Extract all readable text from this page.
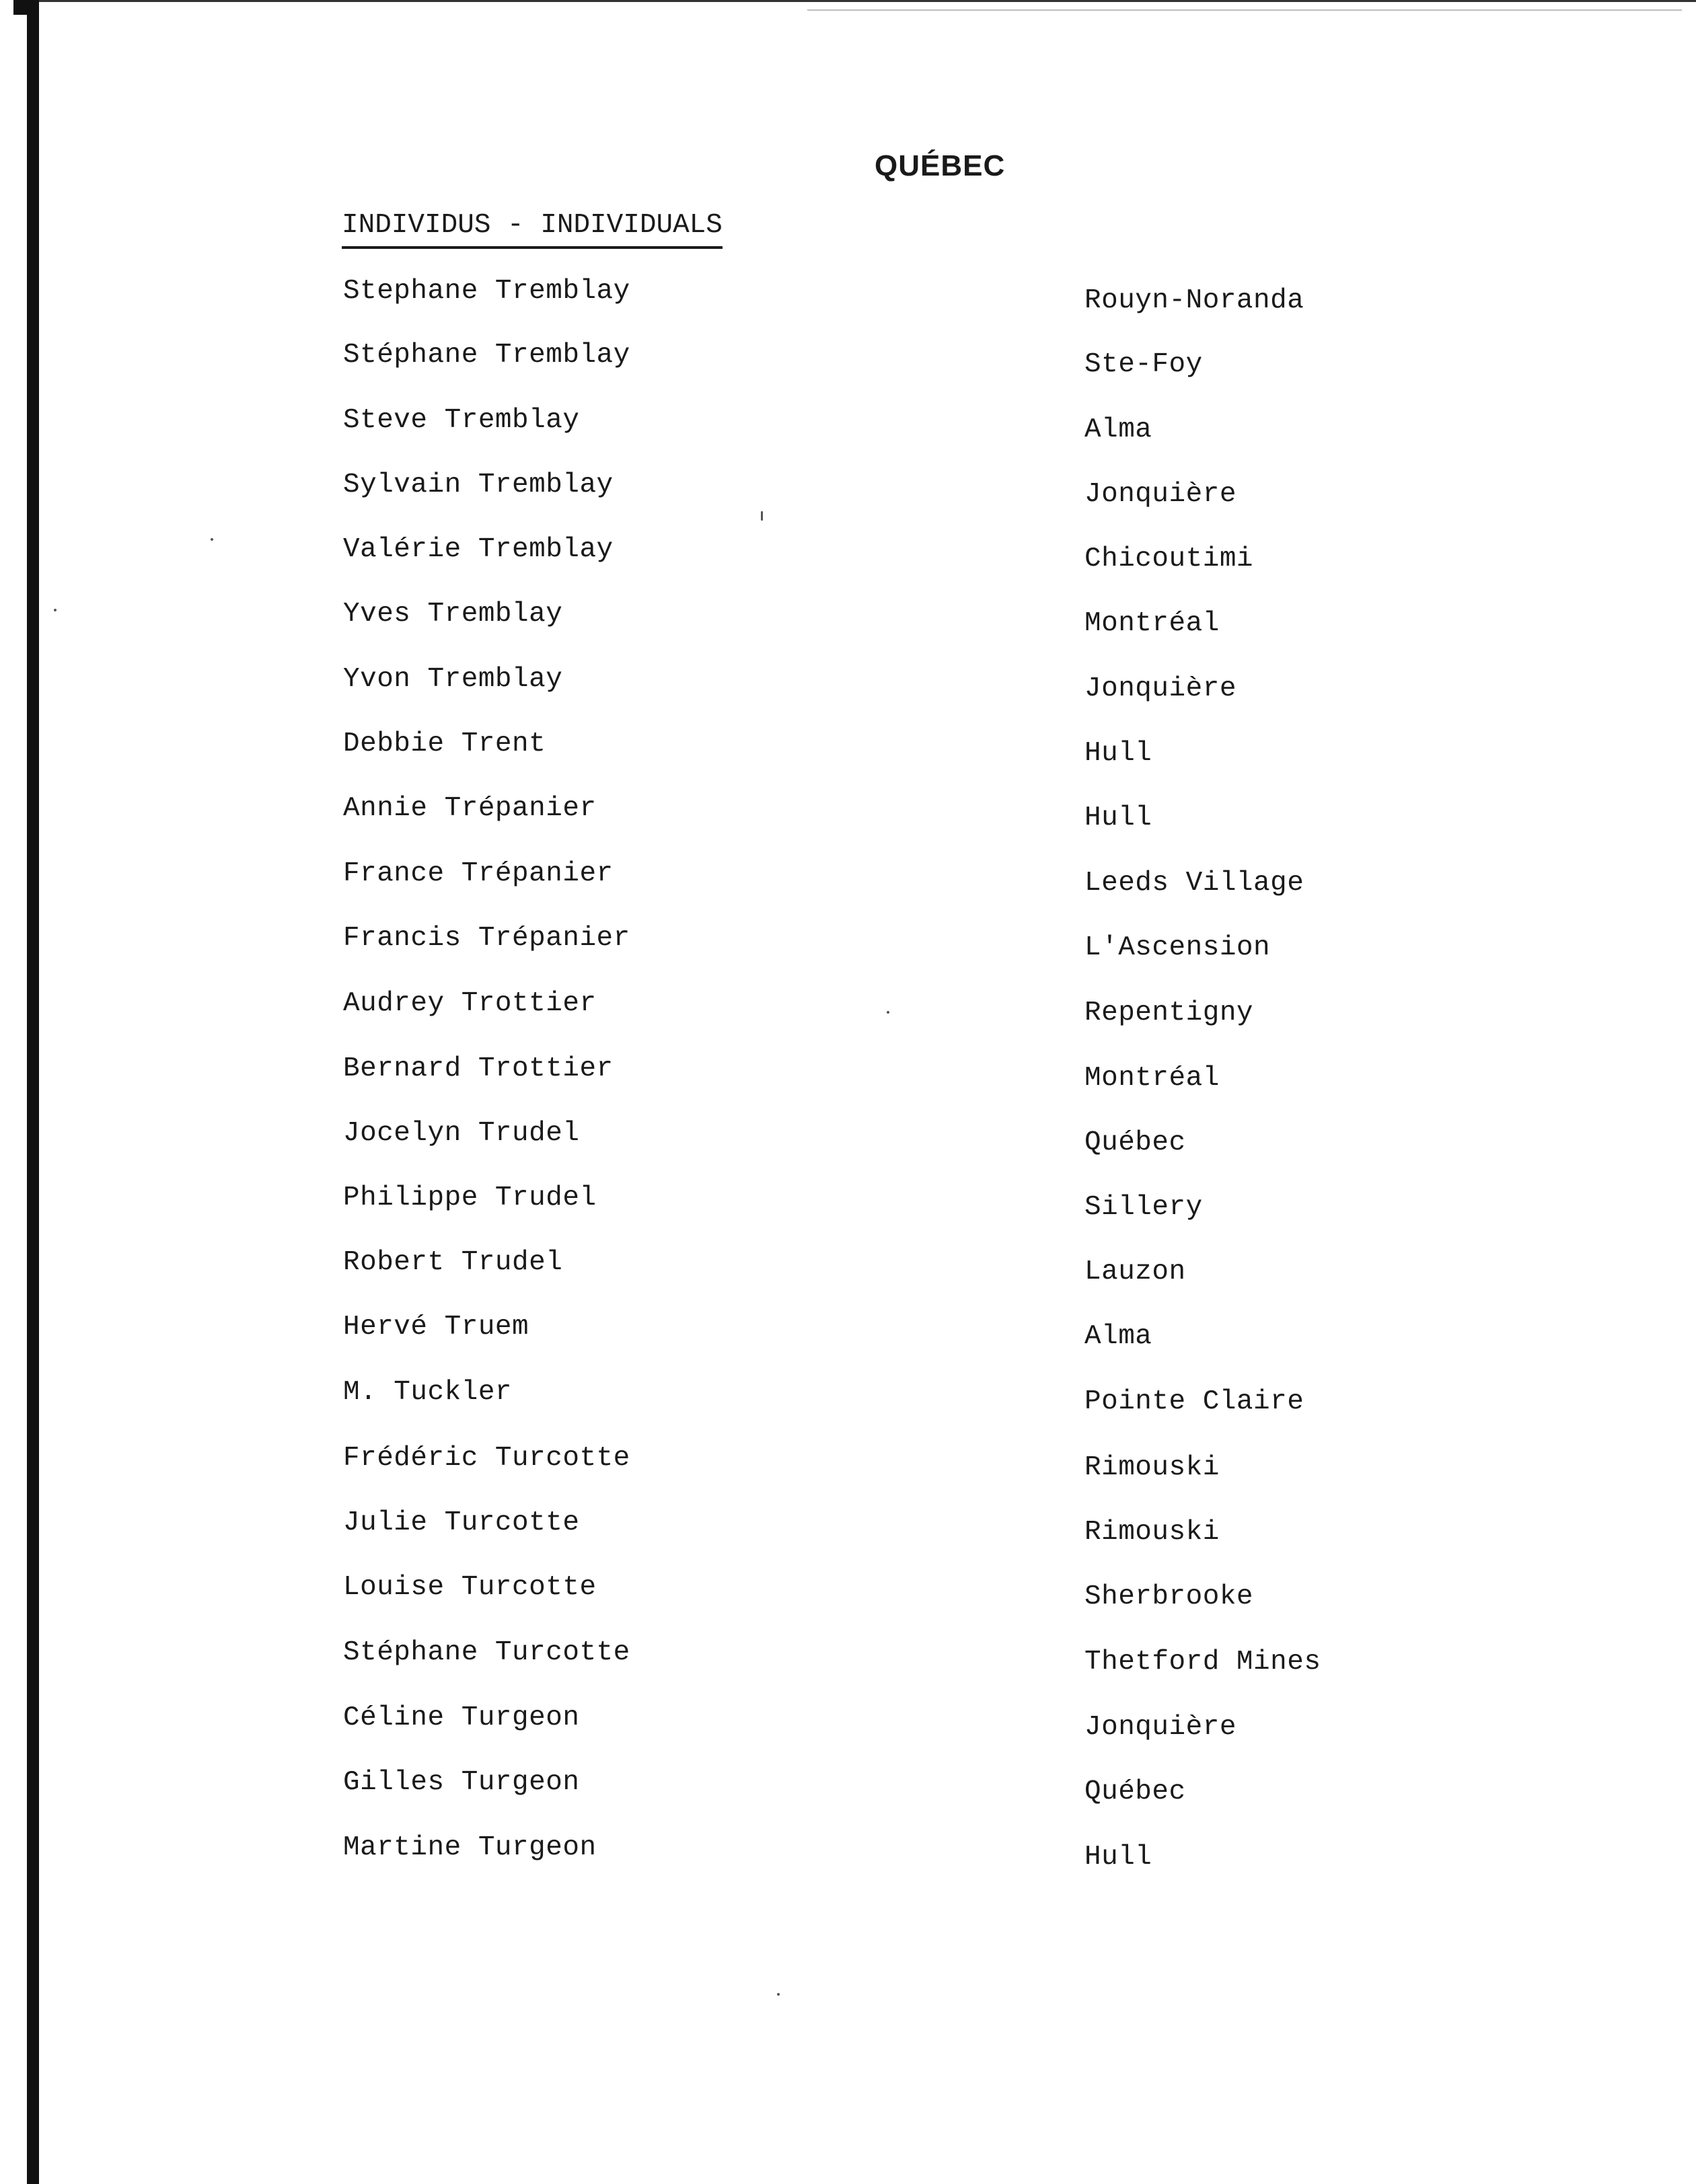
QUÉBEC
INDIVIDUS - INDIVIDUALS
Stephane Tremblay	Rouyn-Noranda
Stéphane Tremblay	Ste-Foy
Steve Tremblay	Alma
Sylvain Tremblay	Jonquière
Valérie Tremblay	Chicoutimi
Yves Tremblay	Montréal
Yvon Tremblay	Jonquière
Debbie Trent	Hull
Annie Trépanier	Hull
France Trépanier	Leeds Village
Francis Trépanier	L'Ascension
Audrey Trottier	Repentigny
Bernard Trottier	Montréal
Jocelyn Trudel	Québec
Philippe Trudel	Sillery
Robert Trudel	Lauzon
Hervé Truem	Alma
M. Tuckler	Pointe Claire
Frédéric Turcotte	Rimouski
Julie Turcotte	Rimouski
Louise Turcotte	Sherbrooke
Stéphane Turcotte	Thetford Mines
Céline Turgeon	Jonquière
Gilles Turgeon	Québec
Martine Turgeon	Hull
